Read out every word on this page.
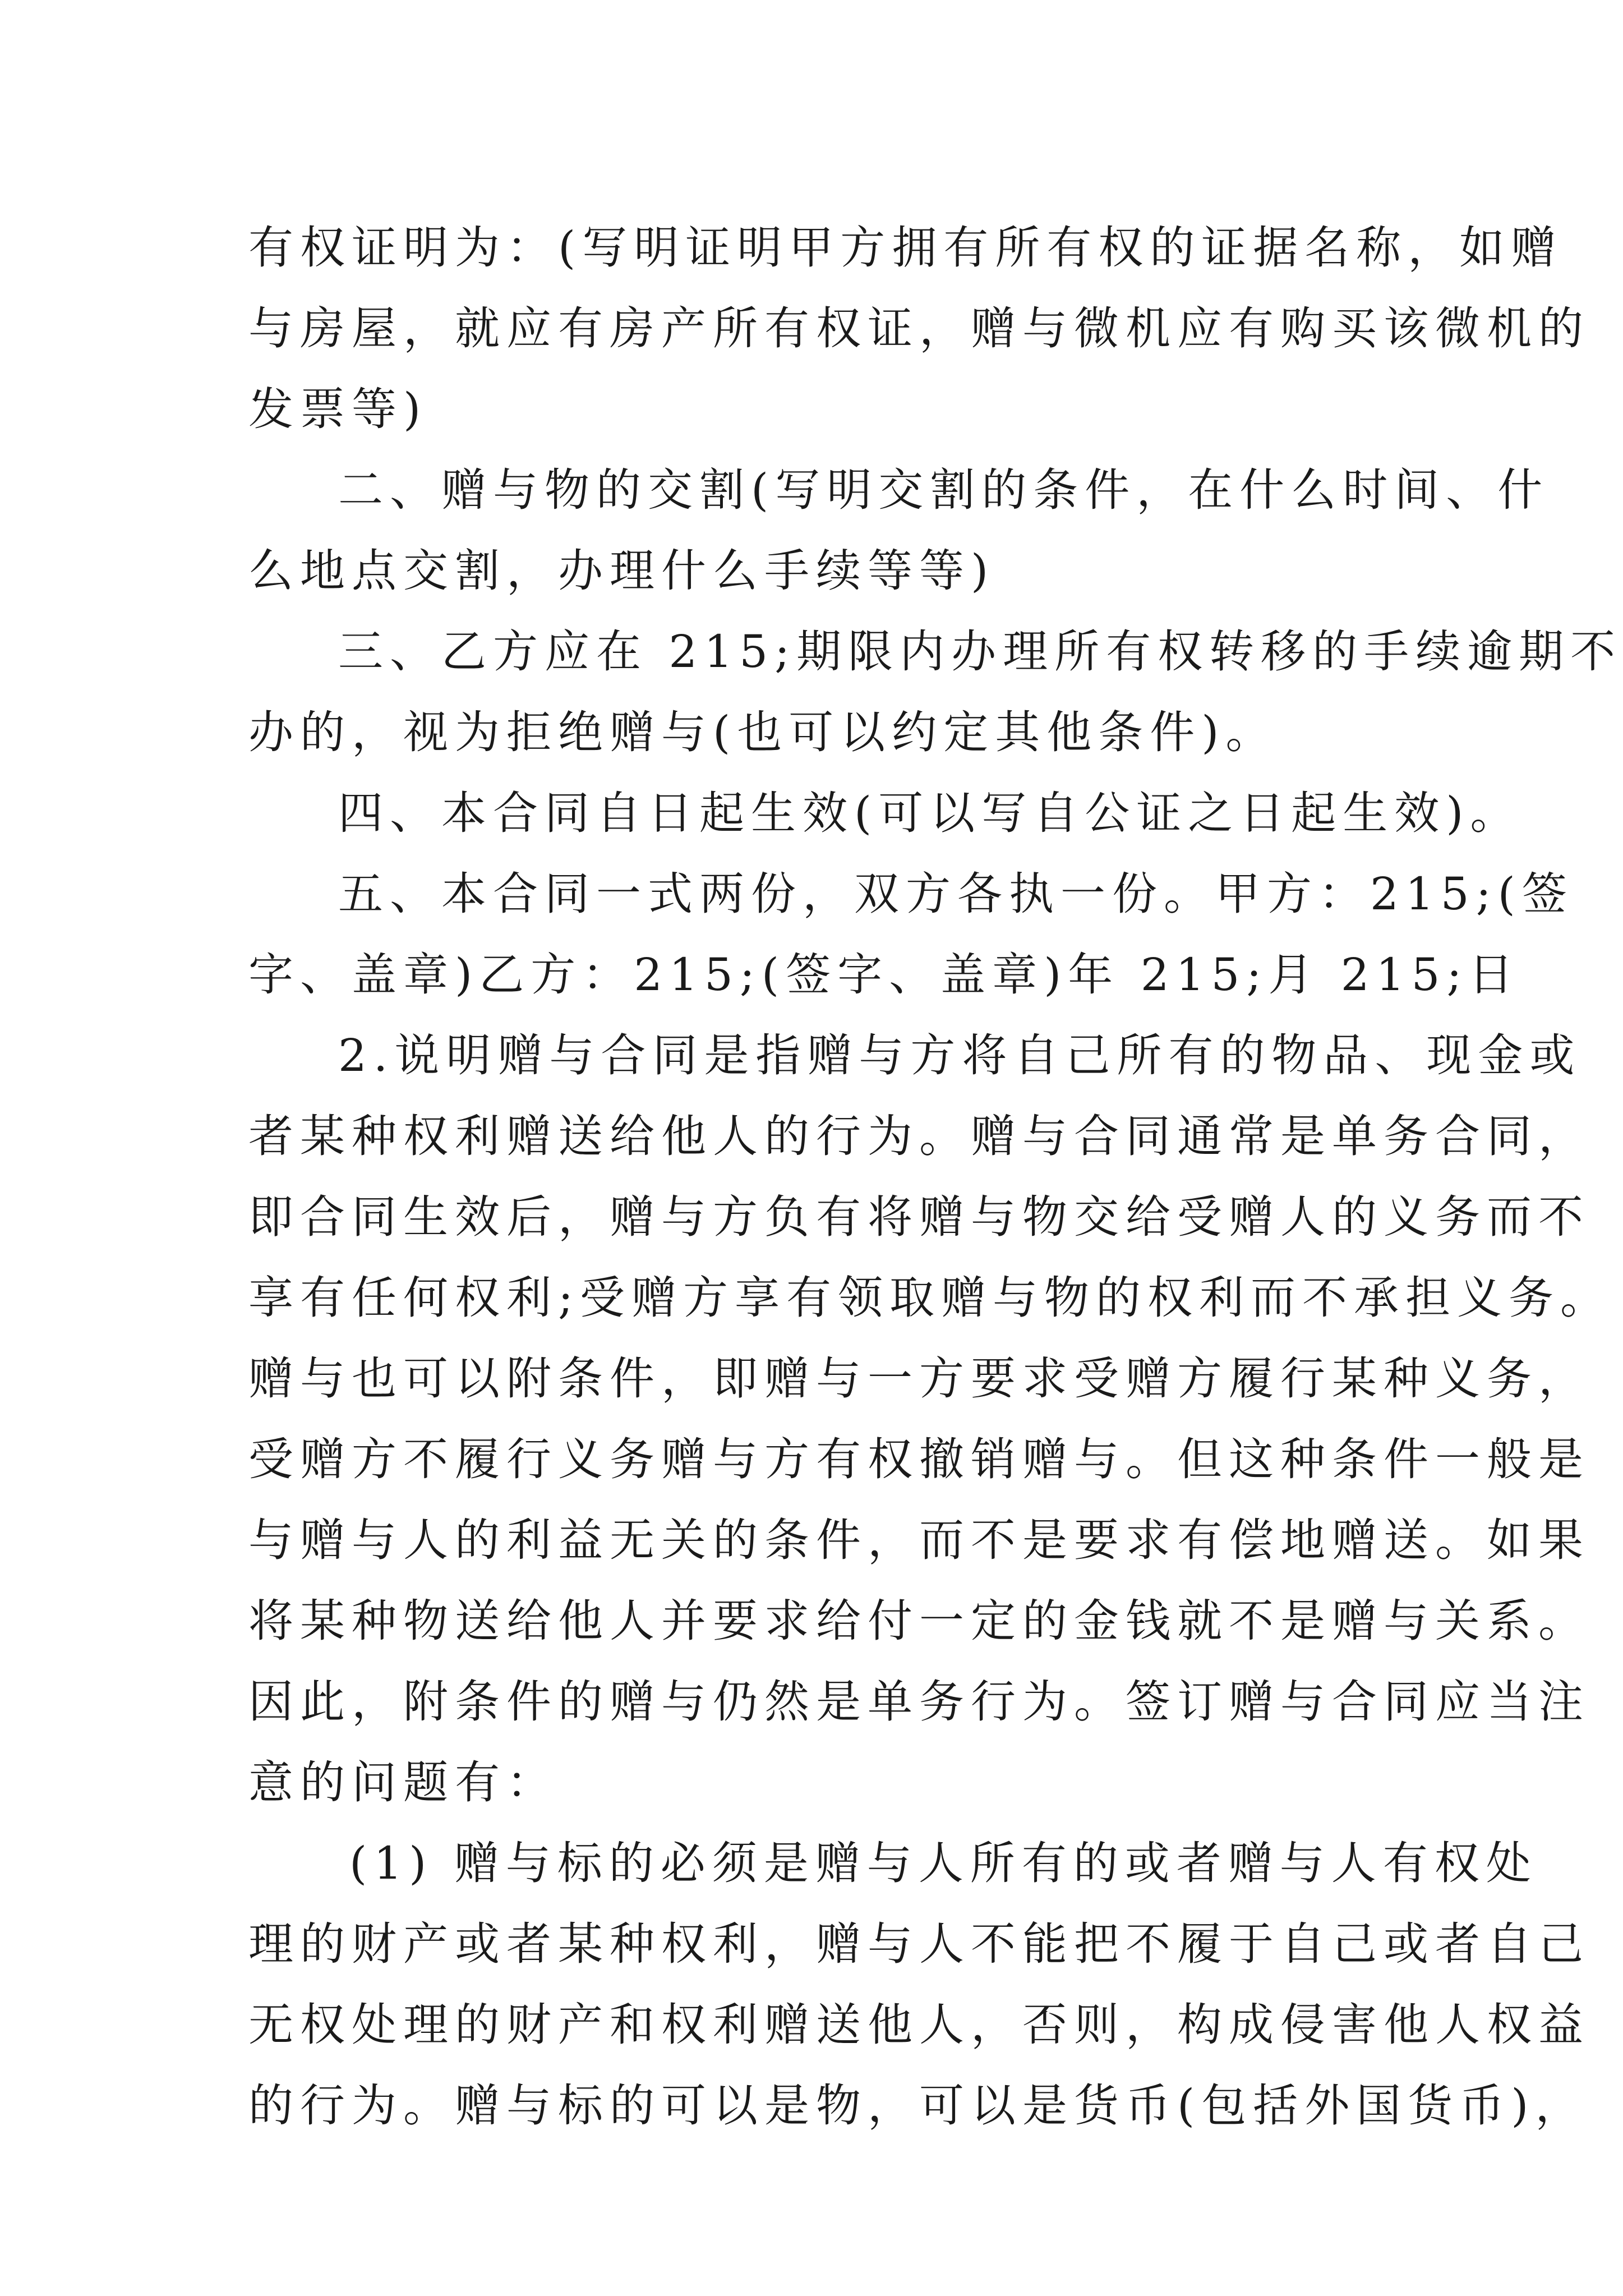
有权证明为：(写明证明甲方拥有所有权的证据名称，如赠
与房屋，就应有房产所有权证，赠与微机应有购买该微机的
发票等)
二、赠与物的交割(写明交割的条件，在什么时间、什
么地点交割，办理什么手续等等)
三、乙方应在 215;期限内办理所有权转移的手续逾期不
办的，视为拒绝赠与(也可以约定其他条件)。
四、本合同自日起生效(可以写自公证之日起生效)。
五、本合同一式两份，双方各执一份。甲方：215;(签
字、盖章)乙方：215;(签字、盖章)年 215;月 215;日
2.说明赠与合同是指赠与方将自己所有的物品、现金或
者某种权利赠送给他人的行为。赠与合同通常是单务合同，
即合同生效后，赠与方负有将赠与物交给受赠人的义务而不
享有任何权利;受赠方享有领取赠与物的权利而不承担义务。
赠与也可以附条件，即赠与一方要求受赠方履行某种义务，
受赠方不履行义务赠与方有权撤销赠与。但这种条件一般是
与赠与人的利益无关的条件，而不是要求有偿地赠送。如果
将某种物送给他人并要求给付一定的金钱就不是赠与关系。
因此，附条件的赠与仍然是单务行为。签订赠与合同应当注
意的问题有：
(1) 赠与标的必须是赠与人所有的或者赠与人有权处
理的财产或者某种权利，赠与人不能把不履于自己或者自己
无权处理的财产和权利赠送他人，否则，构成侵害他人权益
的行为。赠与标的可以是物，可以是货币(包括外国货币)，
